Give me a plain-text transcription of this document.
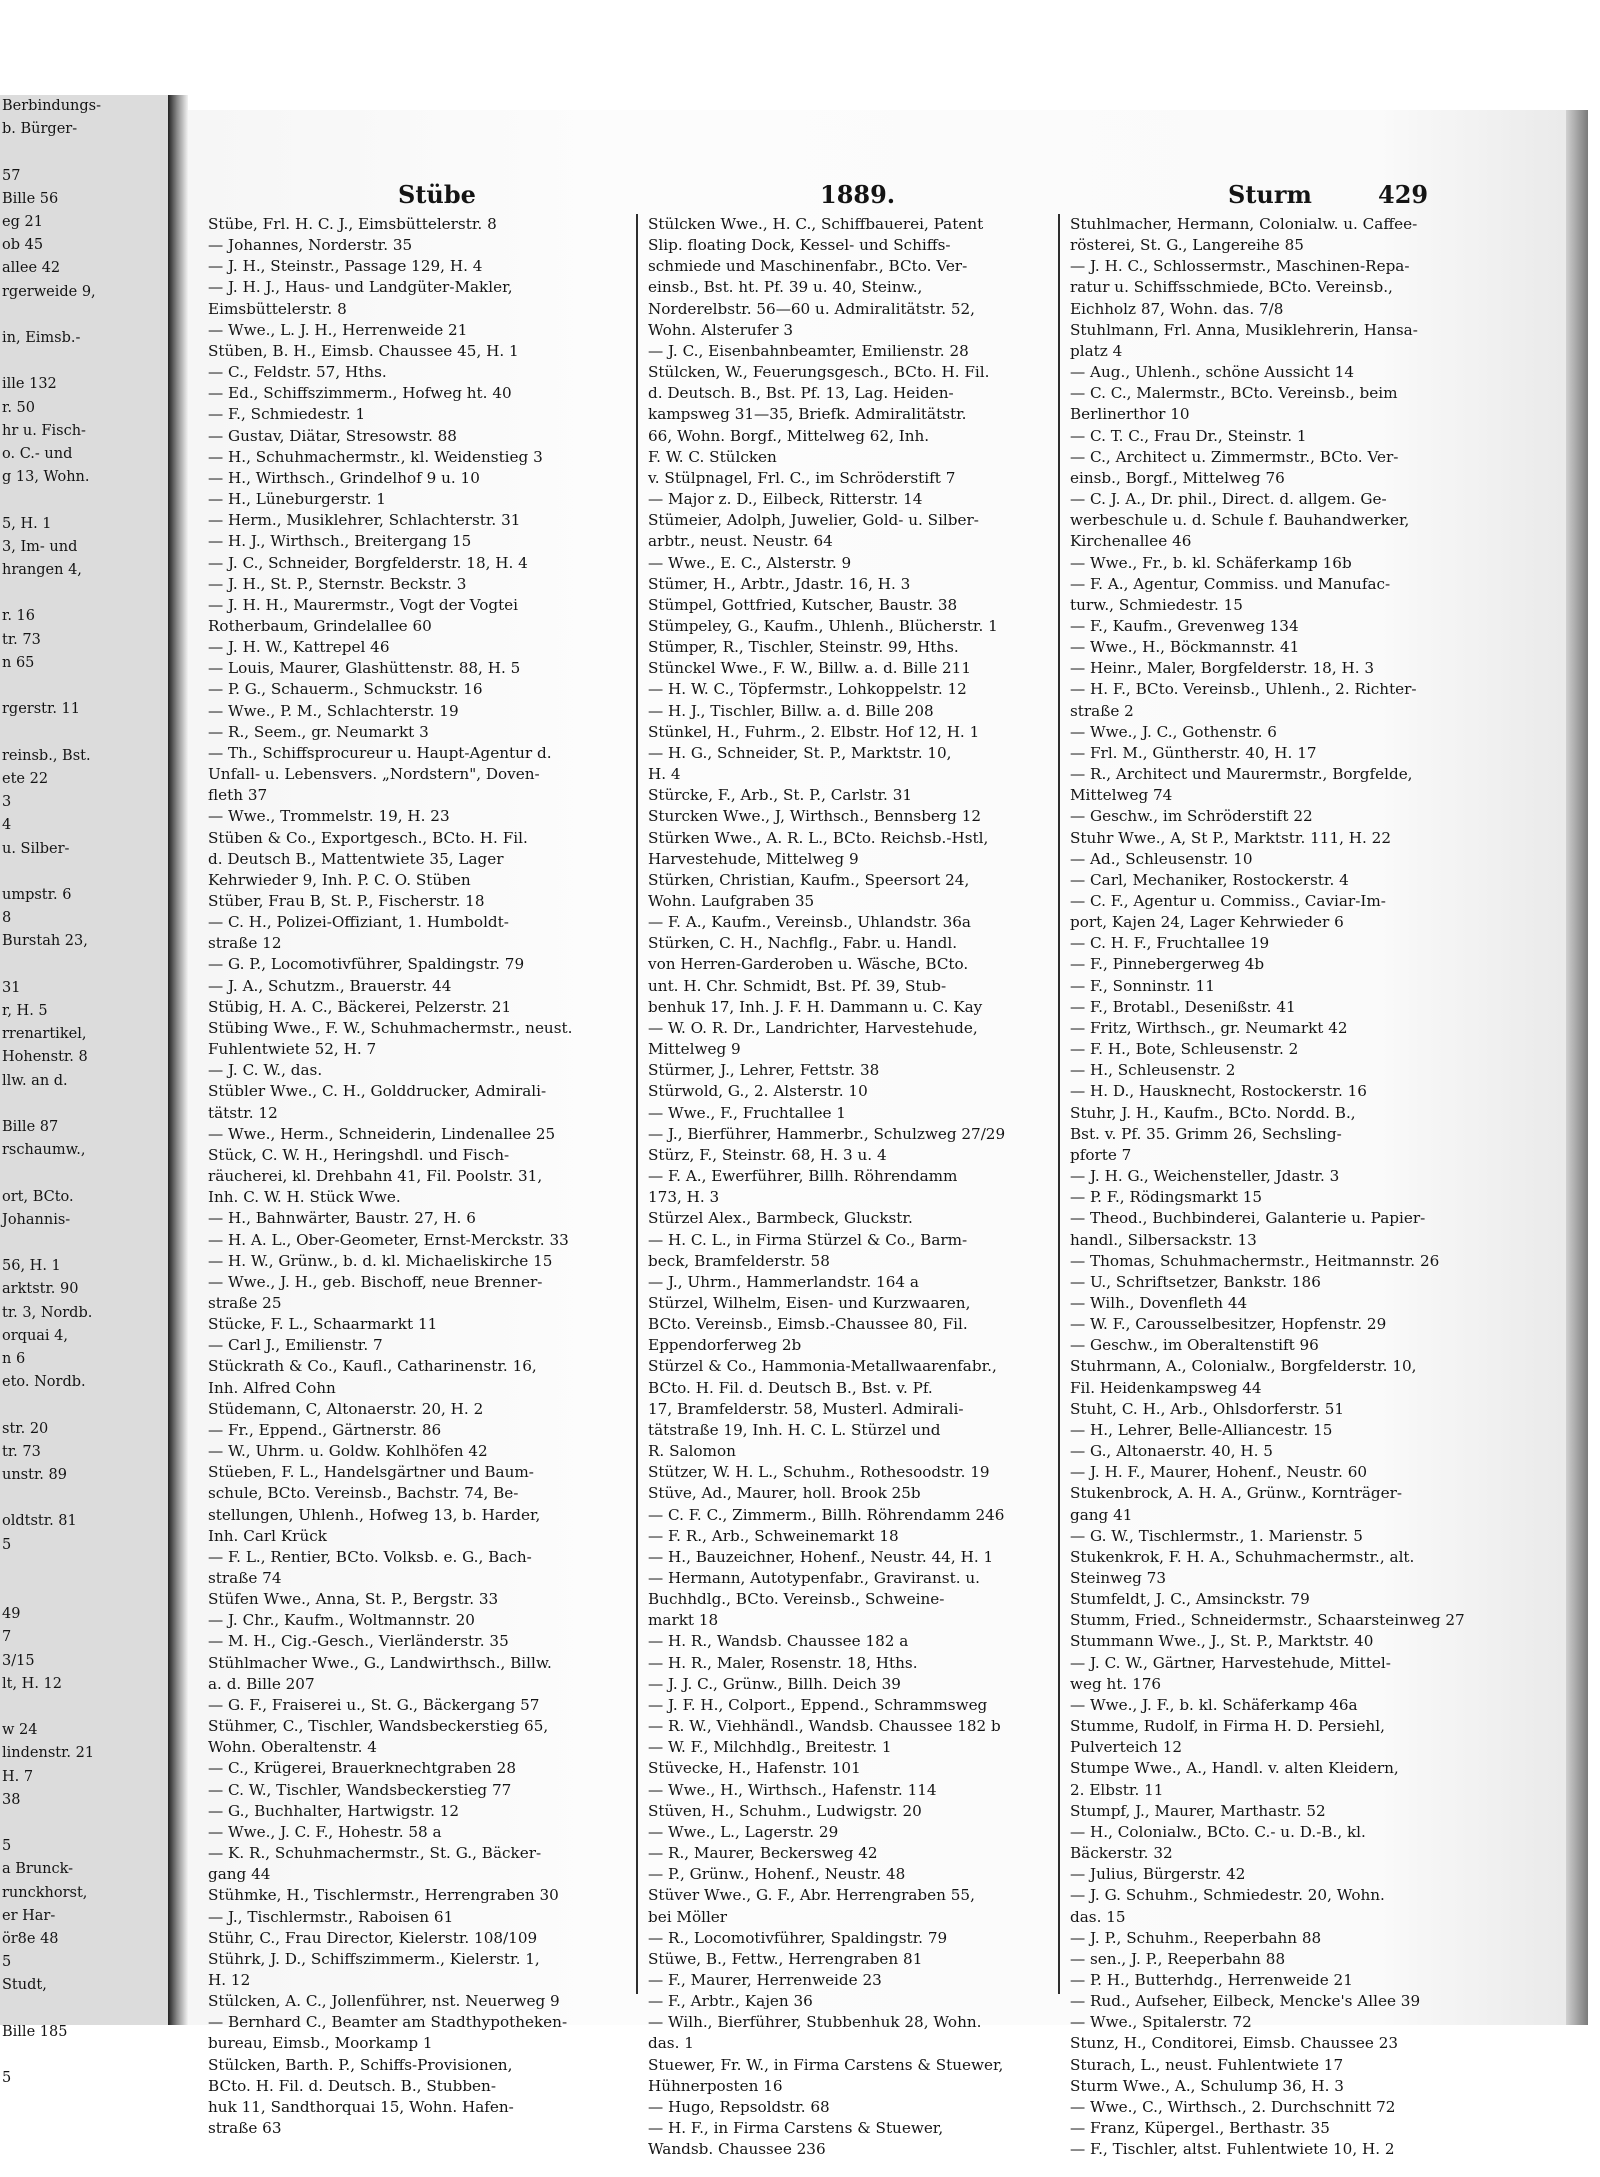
Berbindungs-
b. Bürger-

57
Bille 56
eg 21
ob 45
allee 42
rgerweide 9,

in, Eimsb.-

ille 132
r. 50
hr u. Fisch-
o. C.- und
g 13, Wohn.

5, H. 1
3, Im- und
hrangen 4,

r. 16
tr. 73
n 65

rgerstr. 11

reinsb., Bst.
ete 22
3
4
u. Silber-

umpstr. 6
8
Burstah 23,

31
r, H. 5
rrenartikel,
Hohenstr. 8
llw. an d.

Bille 87
rschaumw.,

ort, BCto.
Johannis-

56, H. 1
arktstr. 90
tr. 3, Nordb.
orquai 4,
n 6
eto. Nordb.

str. 20
tr. 73
unstr. 89

oldtstr. 81
5

49
7
3/15
lt, H. 12

w 24
lindenstr. 21
H. 7
38

5
a Brunck-
runckhorst,
er Har-
ör8e 48
5
Studt,

Bille 185

5
Stübe	1889.	Sturm	429
Stübe, Frl. H. C. J., Eimsbüttelerstr. 8
— Johannes, Norderstr. 35
— J. H., Steinstr., Passage 129, H. 4
— J. H. J., Haus- und Landgüter-Makler,
Eimsbüttelerstr. 8
— Wwe., L. J. H., Herrenweide 21
Stüben, B. H., Eimsb. Chaussee 45, H. 1
— C., Feldstr. 57, Hths.
— Ed., Schiffszimmerm., Hofweg ht. 40
— F., Schmiedestr. 1
— Gustav, Diätar, Stresowstr. 88
— H., Schuhmachermstr., kl. Weidenstieg 3
— H., Wirthsch., Grindelhof 9 u. 10
— H., Lüneburgerstr. 1
— Herm., Musiklehrer, Schlachterstr. 31
— H. J., Wirthsch., Breitergang 15
— J. C., Schneider, Borgfelderstr. 18, H. 4
— J. H., St. P., Sternstr. Beckstr. 3
— J. H. H., Maurermstr., Vogt der Vogtei
Rotherbaum, Grindelallee 60
— J. H. W., Kattrepel 46
— Louis, Maurer, Glashüttenstr. 88, H. 5
— P. G., Schauerm., Schmuckstr. 16
— Wwe., P. M., Schlachterstr. 19
— R., Seem., gr. Neumarkt 3
— Th., Schiffsprocureur u. Haupt-Agentur d.
Unfall- u. Lebensvers. „Nordstern", Doven-
fleth 37
— Wwe., Trommelstr. 19, H. 23
Stüben & Co., Exportgesch., BCto. H. Fil.
d. Deutsch B., Mattentwiete 35, Lager
Kehrwieder 9, Inh. P. C. O. Stüben
Stüber, Frau B, St. P., Fischerstr. 18
— C. H., Polizei-Offiziant, 1. Humboldt-
straße 12
— G. P., Locomotivführer, Spaldingstr. 79
— J. A., Schutzm., Brauerstr. 44
Stübig, H. A. C., Bäckerei, Pelzerstr. 21
Stübing Wwe., F. W., Schuhmachermstr., neust.
Fuhlentwiete 52, H. 7
— J. C. W., das.
Stübler Wwe., C. H., Golddrucker, Admirali-
tätstr. 12
— Wwe., Herm., Schneiderin, Lindenallee 25
Stück, C. W. H., Heringshdl. und Fisch-
räucherei, kl. Drehbahn 41, Fil. Poolstr. 31,
Inh. C. W. H. Stück Wwe.
— H., Bahnwärter, Baustr. 27, H. 6
— H. A. L., Ober-Geometer, Ernst-Merckstr. 33
— H. W., Grünw., b. d. kl. Michaeliskirche 15
— Wwe., J. H., geb. Bischoff, neue Brenner-
straße 25
Stücke, F. L., Schaarmarkt 11
— Carl J., Emilienstr. 7
Stückrath & Co., Kaufl., Catharinenstr. 16,
Inh. Alfred Cohn
Stüdemann, C, Altonaerstr. 20, H. 2
— Fr., Eppend., Gärtnerstr. 86
— W., Uhrm. u. Goldw. Kohlhöfen 42
Stüeben, F. L., Handelsgärtner und Baum-
schule, BCto. Vereinsb., Bachstr. 74, Be-
stellungen, Uhlenh., Hofweg 13, b. Harder,
Inh. Carl Krück
— F. L., Rentier, BCto. Volksb. e. G., Bach-
straße 74
Stüfen Wwe., Anna, St. P., Bergstr. 33
— J. Chr., Kaufm., Woltmannstr. 20
— M. H., Cig.-Gesch., Vierländerstr. 35
Stühlmacher Wwe., G., Landwirthsch., Billw.
a. d. Bille 207
— G. F., Fraiserei u., St. G., Bäckergang 57
Stühmer, C., Tischler, Wandsbeckerstieg 65,
Wohn. Oberaltenstr. 4
— C., Krügerei, Brauerknechtgraben 28
— C. W., Tischler, Wandsbeckerstieg 77
— G., Buchhalter, Hartwigstr. 12
— Wwe., J. C. F., Hohestr. 58 a
— K. R., Schuhmachermstr., St. G., Bäcker-
gang 44
Stühmke, H., Tischlermstr., Herrengraben 30
— J., Tischlermstr., Raboisen 61
Stühr, C., Frau Director, Kielerstr. 108/109
Stührk, J. D., Schiffszimmerm., Kielerstr. 1,
H. 12
Stülcken, A. C., Jollenführer, nst. Neuerweg 9
— Bernhard C., Beamter am Stadthypotheken-
bureau, Eimsb., Moorkamp 1
Stülcken, Barth. P., Schiffs-Provisionen,
BCto. H. Fil. d. Deutsch. B., Stubben-
huk 11, Sandthorquai 15, Wohn. Hafen-
straße 63
Stülcken Wwe., H. C., Schiffbauerei, Patent
Slip. floating Dock, Kessel- und Schiffs-
schmiede und Maschinenfabr., BCto. Ver-
einsb., Bst. ht. Pf. 39 u. 40, Steinw.,
Norderelbstr. 56—60 u. Admiralitätstr. 52,
Wohn. Alsterufer 3
— J. C., Eisenbahnbeamter, Emilienstr. 28
Stülcken, W., Feuerungsgesch., BCto. H. Fil.
d. Deutsch. B., Bst. Pf. 13, Lag. Heiden-
kampsweg 31—35, Briefk. Admiralitätstr.
66, Wohn. Borgf., Mittelweg 62, Inh.
F. W. C. Stülcken
v. Stülpnagel, Frl. C., im Schröderstift 7
— Major z. D., Eilbeck, Ritterstr. 14
Stümeier, Adolph, Juwelier, Gold- u. Silber-
arbtr., neust. Neustr. 64
— Wwe., E. C., Alsterstr. 9
Stümer, H., Arbtr., Jdastr. 16, H. 3
Stümpel, Gottfried, Kutscher, Baustr. 38
Stümpeley, G., Kaufm., Uhlenh., Blücherstr. 1
Stümper, R., Tischler, Steinstr. 99, Hths.
Stünckel Wwe., F. W., Billw. a. d. Bille 211
— H. W. C., Töpfermstr., Lohkoppelstr. 12
— H. J., Tischler, Billw. a. d. Bille 208
Stünkel, H., Fuhrm., 2. Elbstr. Hof 12, H. 1
— H. G., Schneider, St. P., Marktstr. 10,
H. 4
Stürcke, F., Arb., St. P., Carlstr. 31
Sturcken Wwe., J, Wirthsch., Bennsberg 12
Stürken Wwe., A. R. L., BCto. Reichsb.-Hstl,
Harvestehude, Mittelweg 9
Stürken, Christian, Kaufm., Speersort 24,
Wohn. Laufgraben 35
— F. A., Kaufm., Vereinsb., Uhlandstr. 36a
Stürken, C. H., Nachflg., Fabr. u. Handl.
von Herren-Garderoben u. Wäsche, BCto.
unt. H. Chr. Schmidt, Bst. Pf. 39, Stub-
benhuk 17, Inh. J. F. H. Dammann u. C. Kay
— W. O. R. Dr., Landrichter, Harvestehude,
Mittelweg 9
Stürmer, J., Lehrer, Fettstr. 38
Stürwold, G., 2. Alsterstr. 10
— Wwe., F., Fruchtallee 1
— J., Bierführer, Hammerbr., Schulzweg 27/29
Stürz, F., Steinstr. 68, H. 3 u. 4
— F. A., Ewerführer, Billh. Röhrendamm
173, H. 3
Stürzel Alex., Barmbeck, Gluckstr.
— H. C. L., in Firma Stürzel & Co., Barm-
beck, Bramfelderstr. 58
— J., Uhrm., Hammerlandstr. 164 a
Stürzel, Wilhelm, Eisen- und Kurzwaaren,
BCto. Vereinsb., Eimsb.-Chaussee 80, Fil.
Eppendorferweg 2b
Stürzel & Co., Hammonia-Metallwaarenfabr.,
BCto. H. Fil. d. Deutsch B., Bst. v. Pf.
17, Bramfelderstr. 58, Musterl. Admirali-
tätstraße 19, Inh. H. C. L. Stürzel und
R. Salomon
Stützer, W. H. L., Schuhm., Rothesoodstr. 19
Stüve, Ad., Maurer, holl. Brook 25b
— C. F. C., Zimmerm., Billh. Röhrendamm 246
— F. R., Arb., Schweinemarkt 18
— H., Bauzeichner, Hohenf., Neustr. 44, H. 1
— Hermann, Autotypenfabr., Graviranst. u.
Buchhdlg., BCto. Vereinsb., Schweine-
markt 18
— H. R., Wandsb. Chaussee 182 a
— H. R., Maler, Rosenstr. 18, Hths.
— J. J. C., Grünw., Billh. Deich 39
— J. F. H., Colport., Eppend., Schrammsweg
— R. W., Viehhändl., Wandsb. Chaussee 182 b
— W. F., Milchhdlg., Breitestr. 1
Stüvecke, H., Hafenstr. 101
— Wwe., H., Wirthsch., Hafenstr. 114
Stüven, H., Schuhm., Ludwigstr. 20
— Wwe., L., Lagerstr. 29
— R., Maurer, Beckersweg 42
— P., Grünw., Hohenf., Neustr. 48
Stüver Wwe., G. F., Abr. Herrengraben 55,
bei Möller
— R., Locomotivführer, Spaldingstr. 79
Stüwe, B., Fettw., Herrengraben 81
— F., Maurer, Herrenweide 23
— F., Arbtr., Kajen 36
— Wilh., Bierführer, Stubbenhuk 28, Wohn.
das. 1
Stuewer, Fr. W., in Firma Carstens & Stuewer,
Hühnerposten 16
— Hugo, Repsoldstr. 68
— H. F., in Firma Carstens & Stuewer,
Wandsb. Chaussee 236
Stuhlmacher, Hermann, Colonialw. u. Caffee-
rösterei, St. G., Langereihe 85
— J. H. C., Schlossermstr., Maschinen-Repa-
ratur u. Schiffsschmiede, BCto. Vereinsb.,
Eichholz 87, Wohn. das. 7/8
Stuhlmann, Frl. Anna, Musiklehrerin, Hansa-
platz 4
— Aug., Uhlenh., schöne Aussicht 14
— C. C., Malermstr., BCto. Vereinsb., beim
Berlinerthor 10
— C. T. C., Frau Dr., Steinstr. 1
— C., Architect u. Zimmermstr., BCto. Ver-
einsb., Borgf., Mittelweg 76
— C. J. A., Dr. phil., Direct. d. allgem. Ge-
werbeschule u. d. Schule f. Bauhandwerker,
Kirchenallee 46
— Wwe., Fr., b. kl. Schäferkamp 16b
— F. A., Agentur, Commiss. und Manufac-
turw., Schmiedestr. 15
— F., Kaufm., Grevenweg 134
— Wwe., H., Böckmannstr. 41
— Heinr., Maler, Borgfelderstr. 18, H. 3
— H. F., BCto. Vereinsb., Uhlenh., 2. Richter-
straße 2
— Wwe., J. C., Gothenstr. 6
— Frl. M., Güntherstr. 40, H. 17
— R., Architect und Maurermstr., Borgfelde,
Mittelweg 74
— Geschw., im Schröderstift 22
Stuhr Wwe., A, St P., Marktstr. 111, H. 22
— Ad., Schleusenstr. 10
— Carl, Mechaniker, Rostockerstr. 4
— C. F., Agentur u. Commiss., Caviar-Im-
port, Kajen 24, Lager Kehrwieder 6
— C. H. F., Fruchtallee 19
— F., Pinnebergerweg 4b
— F., Sonninstr. 11
— F., Brotabl., Desenißstr. 41
— Fritz, Wirthsch., gr. Neumarkt 42
— F. H., Bote, Schleusenstr. 2
— H., Schleusenstr. 2
— H. D., Hausknecht, Rostockerstr. 16
Stuhr, J. H., Kaufm., BCto. Nordd. B.,
Bst. v. Pf. 35. Grimm 26, Sechsling-
pforte 7
— J. H. G., Weichensteller, Jdastr. 3
— P. F., Rödingsmarkt 15
— Theod., Buchbinderei, Galanterie u. Papier-
handl., Silbersackstr. 13
— Thomas, Schuhmachermstr., Heitmannstr. 26
— U., Schriftsetzer, Bankstr. 186
— Wilh., Dovenfleth 44
— W. F., Carousselbesitzer, Hopfenstr. 29
— Geschw., im Oberaltenstift 96
Stuhrmann, A., Colonialw., Borgfelderstr. 10,
Fil. Heidenkampsweg 44
Stuht, C. H., Arb., Ohlsdorferstr. 51
— H., Lehrer, Belle-Alliancestr. 15
— G., Altonaerstr. 40, H. 5
— J. H. F., Maurer, Hohenf., Neustr. 60
Stukenbrock, A. H. A., Grünw., Kornträger-
gang 41
— G. W., Tischlermstr., 1. Marienstr. 5
Stukenkrok, F. H. A., Schuhmachermstr., alt.
Steinweg 73
Stumfeldt, J. C., Amsinckstr. 79
Stumm, Fried., Schneidermstr., Schaarsteinweg 27
Stummann Wwe., J., St. P., Marktstr. 40
— J. C. W., Gärtner, Harvestehude, Mittel-
weg ht. 176
— Wwe., J. F., b. kl. Schäferkamp 46a
Stumme, Rudolf, in Firma H. D. Persiehl,
Pulverteich 12
Stumpe Wwe., A., Handl. v. alten Kleidern,
2. Elbstr. 11
Stumpf, J., Maurer, Marthastr. 52
— H., Colonialw., BCto. C.- u. D.-B., kl.
Bäckerstr. 32
— Julius, Bürgerstr. 42
— J. G. Schuhm., Schmiedestr. 20, Wohn.
das. 15
— J. P., Schuhm., Reeperbahn 88
— sen., J. P., Reeperbahn 88
— P. H., Butterhdg., Herrenweide 21
— Rud., Aufseher, Eilbeck, Mencke's Allee 39
— Wwe., Spitalerstr. 72
Stunz, H., Conditorei, Eimsb. Chaussee 23
Sturach, L., neust. Fuhlentwiete 17
Sturm Wwe., A., Schulump 36, H. 3
— Wwe., C., Wirthsch., 2. Durchschnitt 72
— Franz, Küpergel., Berthastr. 35
— F., Tischler, altst. Fuhlentwiete 10, H. 2
